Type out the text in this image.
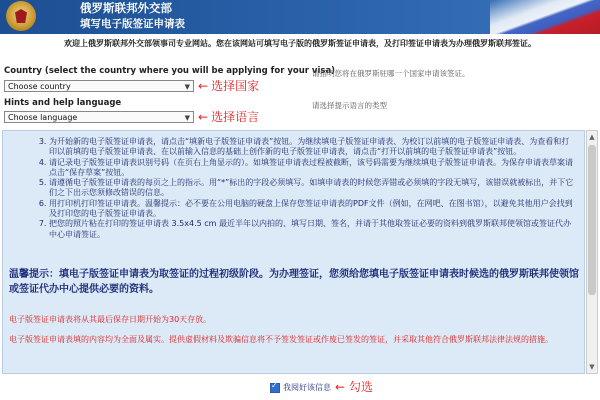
俄罗斯联邦外交部
填写电子版签证申请表
欢迎上俄罗斯联邦外交部领事司专业网站。您在该网站可填写电子版的俄罗斯签证申请表，及打印签证申请表为办理俄罗斯联邦签证。
Country (select the country where you will be applying for your visa)
Choose country	▼ ← 选择国家
请指明您将在俄罗斯驻哪一个国家申请该签证。
Hints and help language
Choose language	▼ ← 选择语言
请选择提示语言的类型
3. 为开始新的电子版签证申请表，请点击“填新电子版签证申请表”按钮。为继续填电子版签证申请表、为校订以前填的电子版签证申请表、为查看和打印以前填的电子版签证申请表、在以前输入信息的基础上创作新的电子版签证申请表，请点击“打开以前填的电子版签证申请表”按钮。
4. 请记录电子版签证申请表识别号码（在页右上角显示的）。如填签证申请表过程被截断，该号码需要为继续填电子版签证申请表。为保存申请表草案请点击“保存草案”按钮。
5. 请遵循电子版签证申请表的每页之上的指示。用“*”标出的字段必须填写。如填申请表的时候您弄错或必须填的字段无填写，该错误就被标出，并下它们之下出示您须修改错误的信息。
6. 用打印机打印签证申请表。温馨提示：必不要在公用电脑的硬盘上保存您签证申请表的PDF文件（例如，在网吧、在图书馆），以避免其他用户会找到及打印您的电子版签证申请表。
7. 把您的照片粘在打印的签证申请表 3.5x4.5 cm 最近半年以内拍的、填写日期、签名，并请于其他取签证必要的资料到俄罗斯联邦使领馆或签证代办中心申请签证。
温馨提示：填电子版签证申请表为取签证的过程初级阶段。为办理签证，您须给您填电子版签证申请表时候选的俄罗斯联邦使领馆或签证代办中心提供必要的资料。
电子版签证申请表将从其最后保存日期开始为30天存放。
电子版签证申请表填的内容均为全面及属实。提供虚假材料及欺骗信息将不予签发签证或作废已签发的签证，并采取其他符合俄罗斯联邦法律法规的措施。
▲
▼
✓我阅好该信息 ← 勾选
